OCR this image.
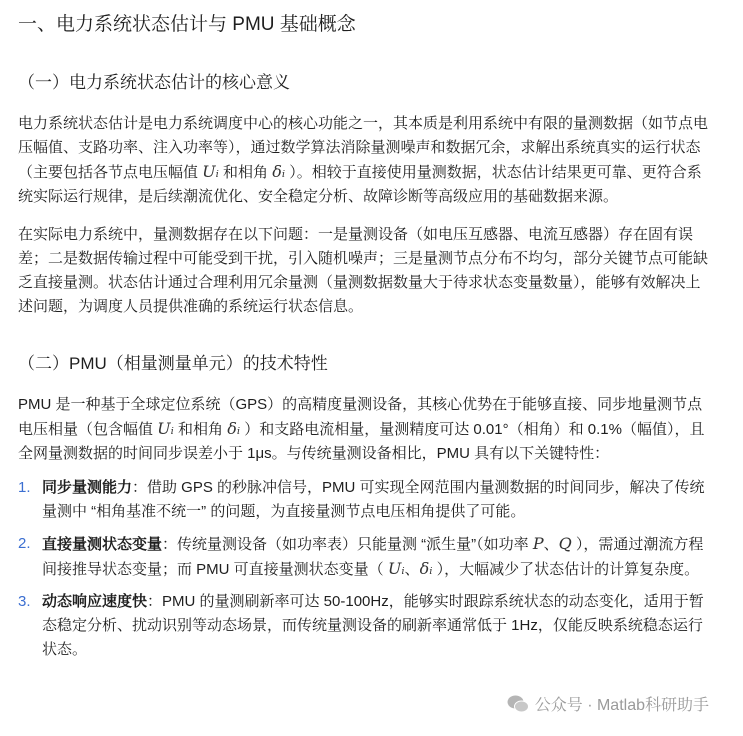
一、电力系统状态估计与 PMU 基础概念
（一）电力系统状态估计的核心意义

电力系统状态估计是电力系统调度中心的核心功能之一，其本质是利用系统中有限的量测数据（如节点电压幅值、支路功率、注入功率等），通过数学算法消除量测噪声和数据冗余，求解出系统真实的运行状态（主要包括各节点电压幅值 Uᵢ 和相角 δᵢ ）。相较于直接使用量测数据，状态估计结果更可靠、更符合系统实际运行规律，是后续潮流优化、安全稳定分析、故障诊断等高级应用的基础数据来源。

在实际电力系统中，量测数据存在以下问题：一是量测设备（如电压互感器、电流互感器）存在固有误差；二是数据传输过程中可能受到干扰，引入随机噪声；三是量测节点分布不均匀，部分关键节点可能缺乏直接量测。状态估计通过合理利用冗余量测（量测数据数量大于待求状态变量数量），能够有效解决上述问题，为调度人员提供准确的系统运行状态信息。

（二）PMU（相量测量单元）的技术特性

PMU 是一种基于全球定位系统（GPS）的高精度量测设备，其核心优势在于能够直接、同步地量测节点电压相量（包含幅值 Uᵢ 和相角 δᵢ ）和支路电流相量，量测精度可达 0.01°（相角）和 0.1%（幅值），且全网量测数据的时间同步误差小于 1μs。与传统量测设备相比，PMU 具有以下关键特性：

1. 同步量测能力：借助 GPS 的秒脉冲信号，PMU 可实现全网范围内量测数据的时间同步，解决了传统量测中 “相角基准不统一” 的问题，为直接量测节点电压相角提供了可能。
2. 直接量测状态变量：传统量测设备（如功率表）只能量测 “派生量”（如功率 P、Q ），需通过潮流方程间接推导状态变量；而 PMU 可直接量测状态变量（ Uᵢ、δᵢ ），大幅减少了状态估计的计算复杂度。
3. 动态响应速度快：PMU 的量测刷新率可达 50-100Hz，能够实时跟踪系统状态的动态变化，适用于暂态稳定分析、扰动识别等动态场景，而传统量测设备的刷新率通常低于 1Hz，仅能反映系统稳态运行状态。
公众号 · Matlab科研助手
